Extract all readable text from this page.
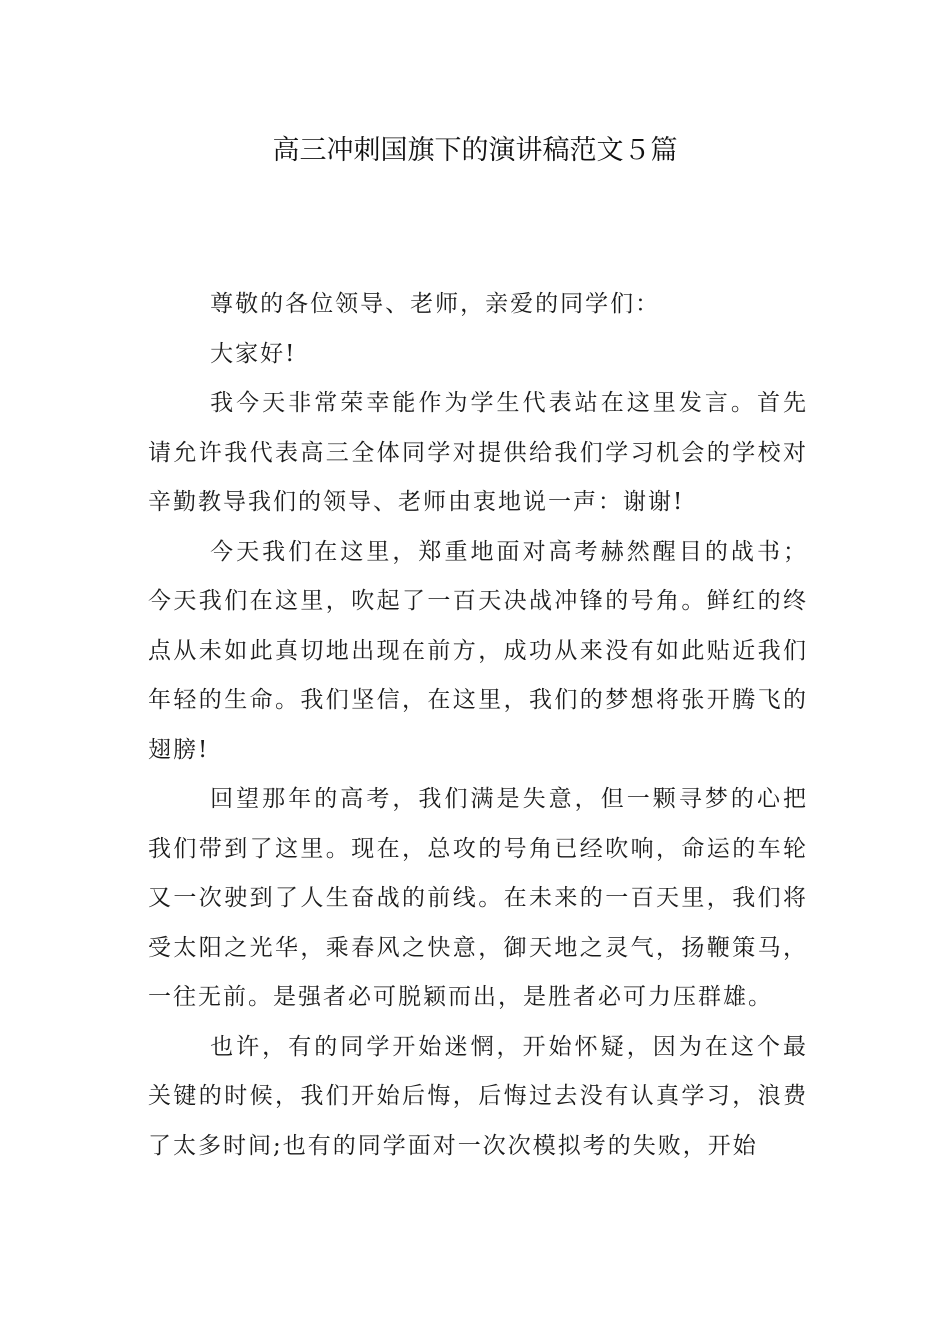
高三冲刺国旗下的演讲稿范文５篇

尊敬的各位领导、老师，亲爱的同学们：

大家好!

我今天非常荣幸能作为学生代表站在这里发言。首先请允许我代表高三全体同学对提供给我们学习机会的学校对辛勤教导我们的领导、老师由衷地说一声：谢谢!

今天我们在这里，郑重地面对高考赫然醒目的战书；今天我们在这里，吹起了一百天决战冲锋的号角。鲜红的终点从未如此真切地出现在前方，成功从来没有如此贴近我们年轻的生命。我们坚信，在这里，我们的梦想将张开腾飞的翅膀!

回望那年的高考，我们满是失意，但一颗寻梦的心把我们带到了这里。现在，总攻的号角已经吹响，命运的车轮又一次驶到了人生奋战的前线。在未来的一百天里，我们将受太阳之光华，乘春风之快意，御天地之灵气，扬鞭策马，一往无前。是强者必可脱颖而出，是胜者必可力压群雄。

也许，有的同学开始迷惘，开始怀疑，因为在这个最关键的时候，我们开始后悔，后悔过去没有认真学习，浪费了太多时间;也有的同学面对一次次模拟考的失败，开始
